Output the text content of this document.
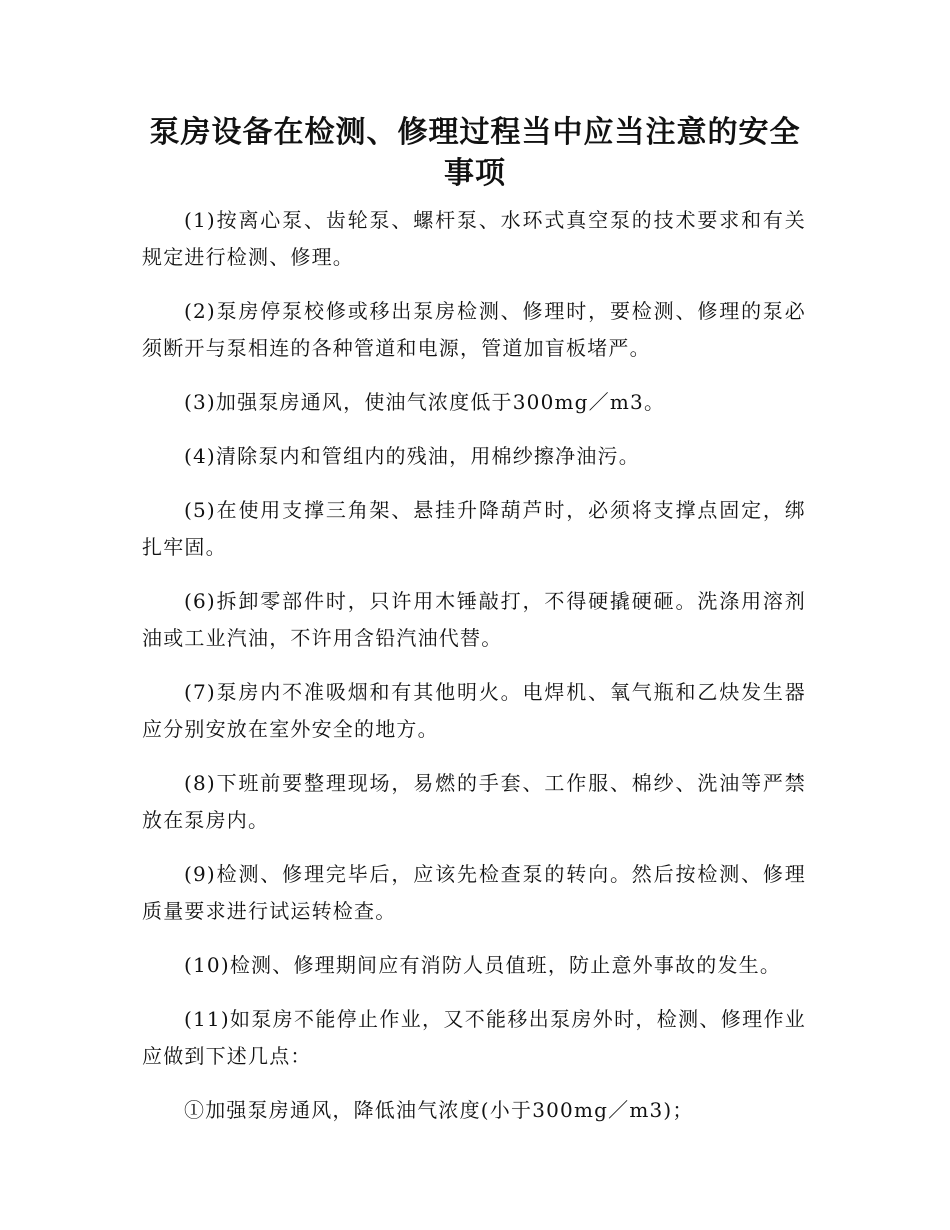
泵房设备在检测、修理过程当中应当注意的安全事项

(1)按离心泵、齿轮泵、螺杆泵、水环式真空泵的技术要求和有关规定进行检测、修理。

(2)泵房停泵校修或移出泵房检测、修理时，要检测、修理的泵必须断开与泵相连的各种管道和电源，管道加盲板堵严。

(3)加强泵房通风，使油气浓度低于300mg／m3。

(4)清除泵内和管组内的残油，用棉纱擦净油污。

(5)在使用支撑三角架、悬挂升降葫芦时，必须将支撑点固定，绑扎牢固。

(6)拆卸零部件时，只许用木锤敲打，不得硬撬硬砸。洗涤用溶剂油或工业汽油，不许用含铅汽油代替。

(7)泵房内不准吸烟和有其他明火。电焊机、氧气瓶和乙炔发生器应分别安放在室外安全的地方。

(8)下班前要整理现场，易燃的手套、工作服、棉纱、洗油等严禁放在泵房内。

(9)检测、修理完毕后，应该先检查泵的转向。然后按检测、修理质量要求进行试运转检查。

(10)检测、修理期间应有消防人员值班，防止意外事故的发生。

(11)如泵房不能停止作业，又不能移出泵房外时，检测、修理作业应做到下述几点：

①加强泵房通风，降低油气浓度(小于300mg／m3)；
